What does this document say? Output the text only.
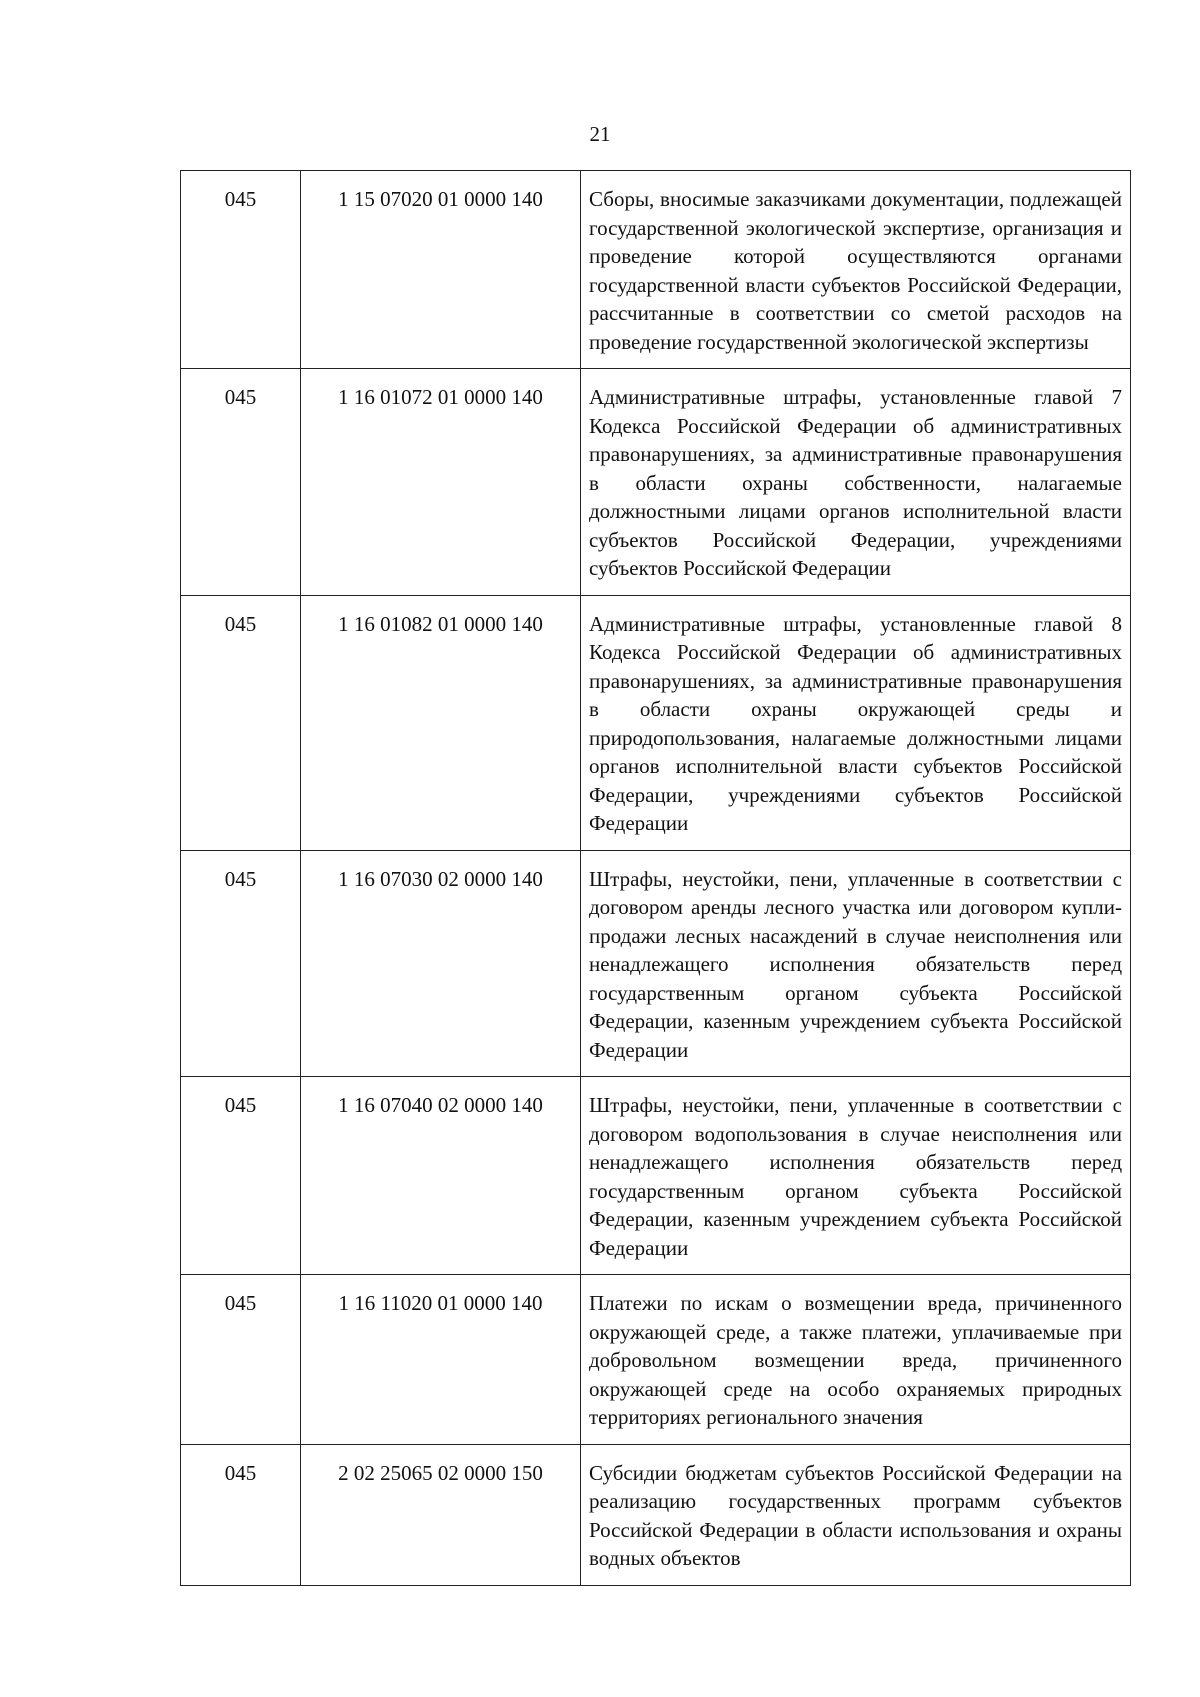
21
045	1 15 07020 01 0000 140	Сборы, вносимые заказчиками документации, подлежащей государственной экологической экспертизе, организация и проведение которой осуществляются органами государственной власти субъектов Российской Федерации, рассчитанные в соответствии со сметой расходов на проведение государственной экологической экспертизы
045	1 16 01072 01 0000 140	Административные штрафы, установленные главой 7 Кодекса Российской Федерации об административных правонарушениях, за административные правонарушения в области охраны собственности, налагаемые должностными лицами органов исполнительной власти субъектов Российской Федерации, учреждениями субъектов Российской Федерации
045	1 16 01082 01 0000 140	Административные штрафы, установленные главой 8 Кодекса Российской Федерации об административных правонарушениях, за административные правонарушения в области охраны окружающей среды и природопользования, налагаемые должностными лицами органов исполнительной власти субъектов Российской Федерации, учреждениями субъектов Российской Федерации
045	1 16 07030 02 0000 140	Штрафы, неустойки, пени, уплаченные в соответствии с договором аренды лесного участка или договором купли-продажи лесных насаждений в случае неисполнения или ненадлежащего исполнения обязательств перед государственным органом субъекта Российской Федерации, казенным учреждением субъекта Российской Федерации
045	1 16 07040 02 0000 140	Штрафы, неустойки, пени, уплаченные в соответствии с договором водопользования в случае неисполнения или ненадлежащего исполнения обязательств перед государственным органом субъекта Российской Федерации, казенным учреждением субъекта Российской Федерации
045	1 16 11020 01 0000 140	Платежи по искам о возмещении вреда, причиненного окружающей среде, а также платежи, уплачиваемые при добровольном возмещении вреда, причиненного окружающей среде на особо охраняемых природных территориях регионального значения
045	2 02 25065 02 0000 150	Субсидии бюджетам субъектов Российской Федерации на реализацию государственных программ субъектов Российской Федерации в области использования и охраны водных объектов
